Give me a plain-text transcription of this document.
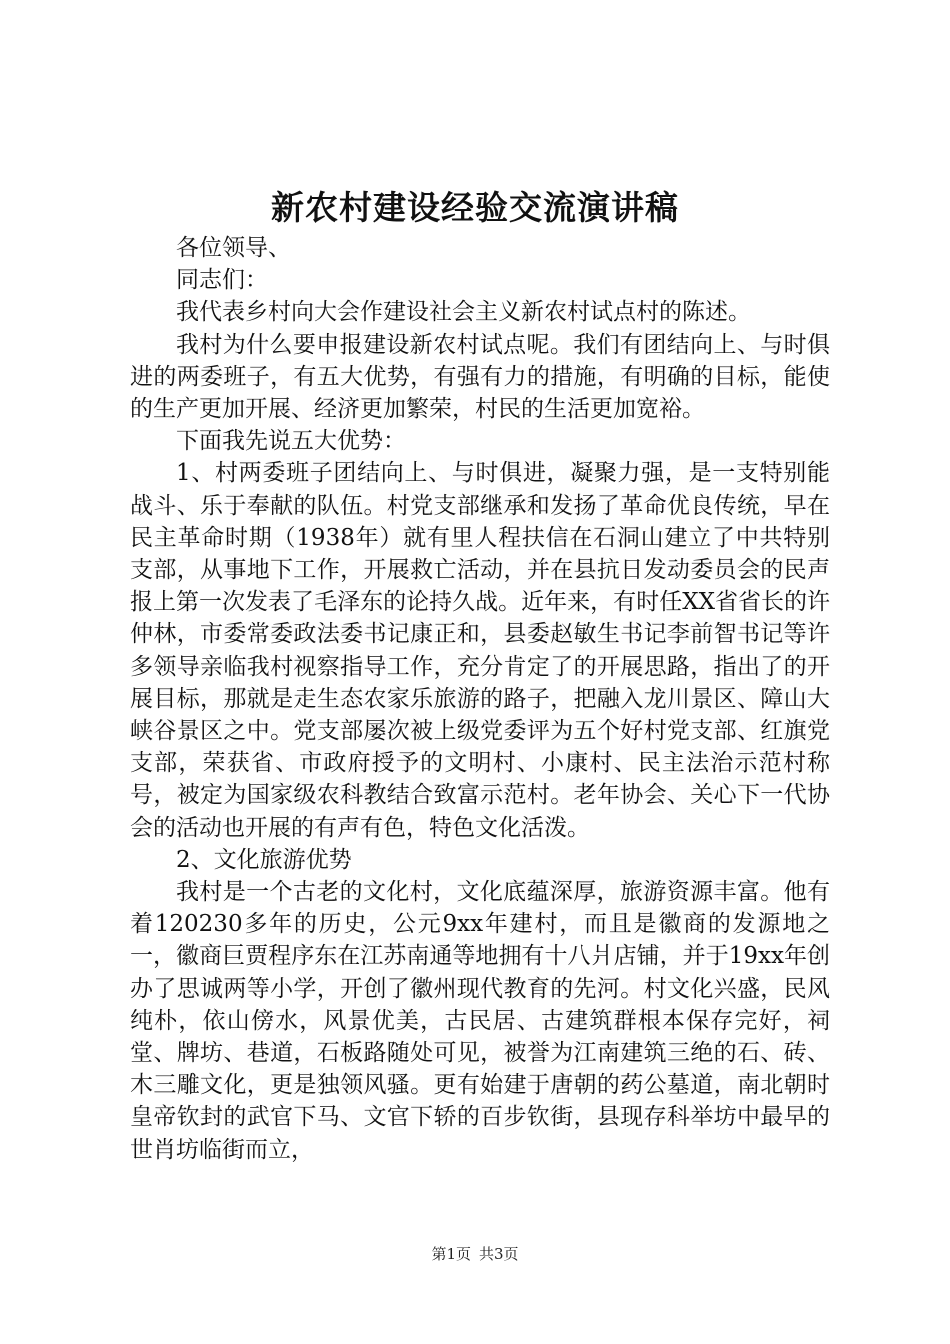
新农村建设经验交流演讲稿

各位领导、

同志们：

我代表乡村向大会作建设社会主义新农村试点村的陈述。

我村为什么要申报建设新农村试点呢。我们有团结向上、与时俱进的两委班子，有五大优势，有强有力的措施，有明确的目标，能使的生产更加开展、经济更加繁荣，村民的生活更加宽裕。

下面我先说五大优势：

1、村两委班子团结向上、与时俱进，凝聚力强，是一支特别能战斗、乐于奉献的队伍。村党支部继承和发扬了革命优良传统，早在民主革命时期（1938年）就有里人程扶信在石洞山建立了中共特别支部，从事地下工作，开展救亡活动，并在县抗日发动委员会的民声报上第一次发表了毛泽东的论持久战。近年来，有时任XX省省长的许仲林，市委常委政法委书记康正和，县委赵敏生书记李前智书记等许多领导亲临我村视察指导工作，充分肯定了的开展思路，指出了的开展目标，那就是走生态农家乐旅游的路子，把融入龙川景区、障山大峡谷景区之中。党支部屡次被上级党委评为五个好村党支部、红旗党支部，荣获省、市政府授予的文明村、小康村、民主法治示范村称号，被定为国家级农科教结合致富示范村。老年协会、关心下一代协会的活动也开展的有声有色，特色文化活泼。

2、文化旅游优势

我村是一个古老的文化村，文化底蕴深厚，旅游资源丰富。他有着120230多年的历史，公元9xx年建村，而且是徽商的发源地之一，徽商巨贾程序东在江苏南通等地拥有十八爿店铺，并于19xx年创办了思诚两等小学，开创了徽州现代教育的先河。村文化兴盛，民风纯朴，依山傍水，风景优美，古民居、古建筑群根本保存完好，祠堂、牌坊、巷道，石板路随处可见，被誉为江南建筑三绝的石、砖、木三雕文化，更是独领风骚。更有始建于唐朝的药公墓道，南北朝时皇帝钦封的武官下马、文官下轿的百步钦街，县现存科举坊中最早的世肖坊临街而立，

第1页 共3页
